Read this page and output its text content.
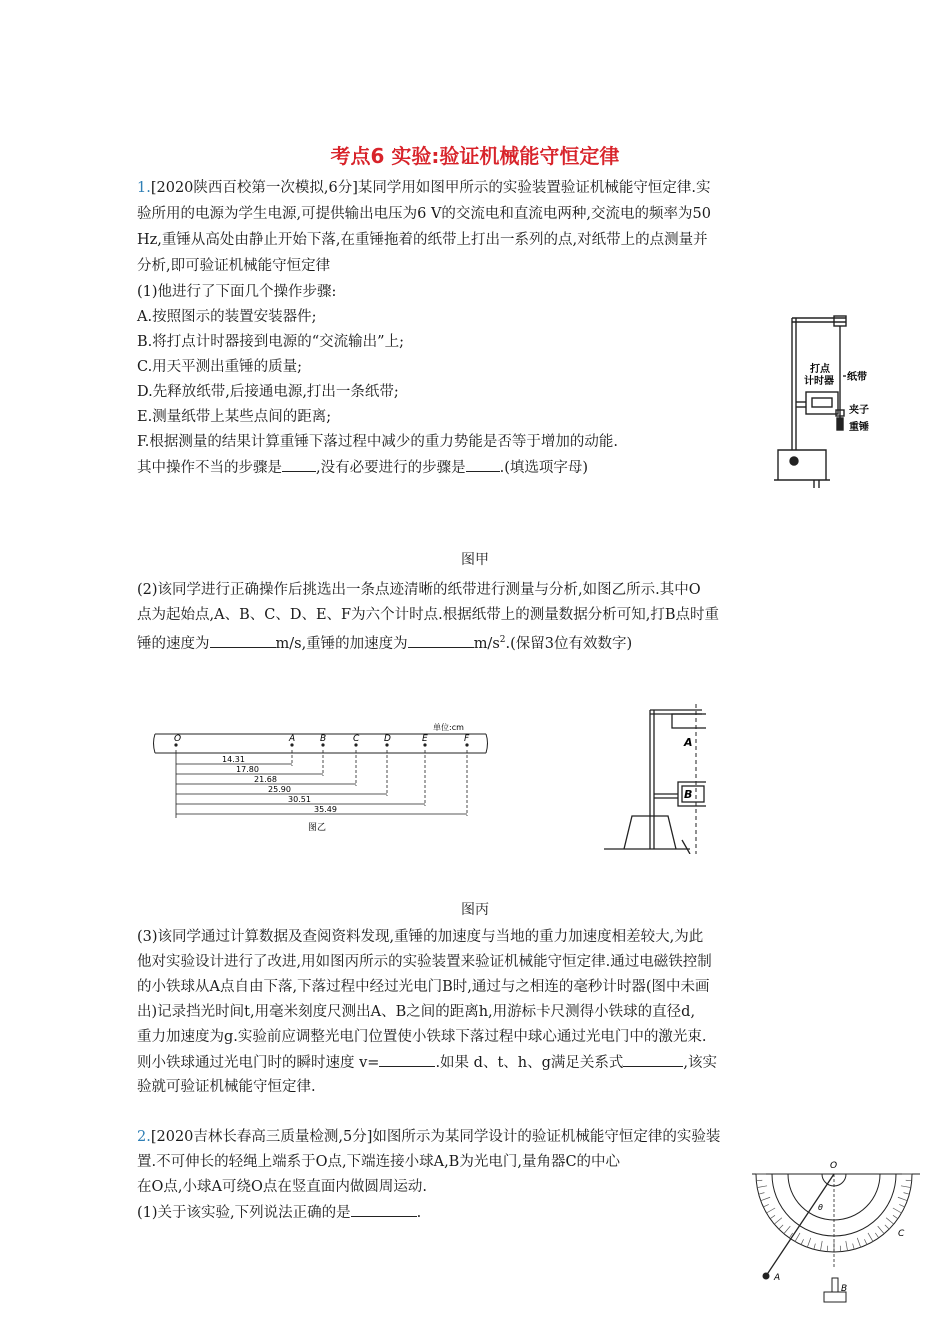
考点6 实验:验证机械能守恒定律
1.[2020陕西百校第一次模拟,6分]某同学用如图甲所示的实验装置验证机械能守恒定律.实
验所用的电源为学生电源,可提供输出电压为6 V的交流电和直流电两种,交流电的频率为50
Hz,重锤从高处由静止开始下落,在重锤拖着的纸带上打出一系列的点,对纸带上的点测量并
分析,即可验证机械能守恒定律
(1)他进行了下面几个操作步骤:
A.按照图示的装置安装器件;
B.将打点计时器接到电源的“交流输出”上;
C.用天平测出重锤的质量;
D.先释放纸带,后接通电源,打出一条纸带;
E.测量纸带上某些点间的距离;
F.根据测量的结果计算重锤下落过程中减少的重力势能是否等于增加的动能.
其中操作不当的步骤是 ,没有必要进行的步骤是 .(填选项字母)
打点
计时器 纸带
夹子
重锤
图甲
(2)该同学进行正确操作后挑选出一条点迹清晰的纸带进行测量与分析,如图乙所示.其中O
点为起始点,A、B、C、D、E、F为六个计时点.根据纸带上的测量数据分析可知,打B点时重
锤的速度为	m/s,重锤的加速度为	$m/s^2$.(保留3位有效数字)
单位:cm
O	A	B	C	D	E	F
14.31
17.80
21.68
25.90
30.51
35.49
图乙
A
B
图丙
(3)该同学通过计算数据及查阅资料发现,重锤的加速度与当地的重力加速度相差较大,为此
他对实验设计进行了改进,用如图丙所示的实验装置来验证机械能守恒定律.通过电磁铁控制
的小铁球从A点自由下落,下落过程中经过光电门B时,通过与之相连的毫秒计时器(图中未画
出)记录挡光时间t,用毫米刻度尺测出A、B之间的距离h,用游标卡尺测得小铁球的直径d,
重力加速度为g.实验前应调整光电门位置使小铁球下落过程中球心通过光电门中的激光束.
则小铁球通过光电门时的瞬时速度 v=	.如果 d、t、h、g满足关系式	,该实
验就可验证机械能守恒定律.
2.[2020吉林长春高三质量检测,5分]如图所示为某同学设计的验证机械能守恒定律的实验装
置.不可伸长的轻绳上端系于O点,下端连接小球A,B为光电门,量角器C的中心
在O点,小球A可绕O点在竖直面内做圆周运动.
(1)关于该实验,下列说法正确的是	.
O
A
B
C
θ
